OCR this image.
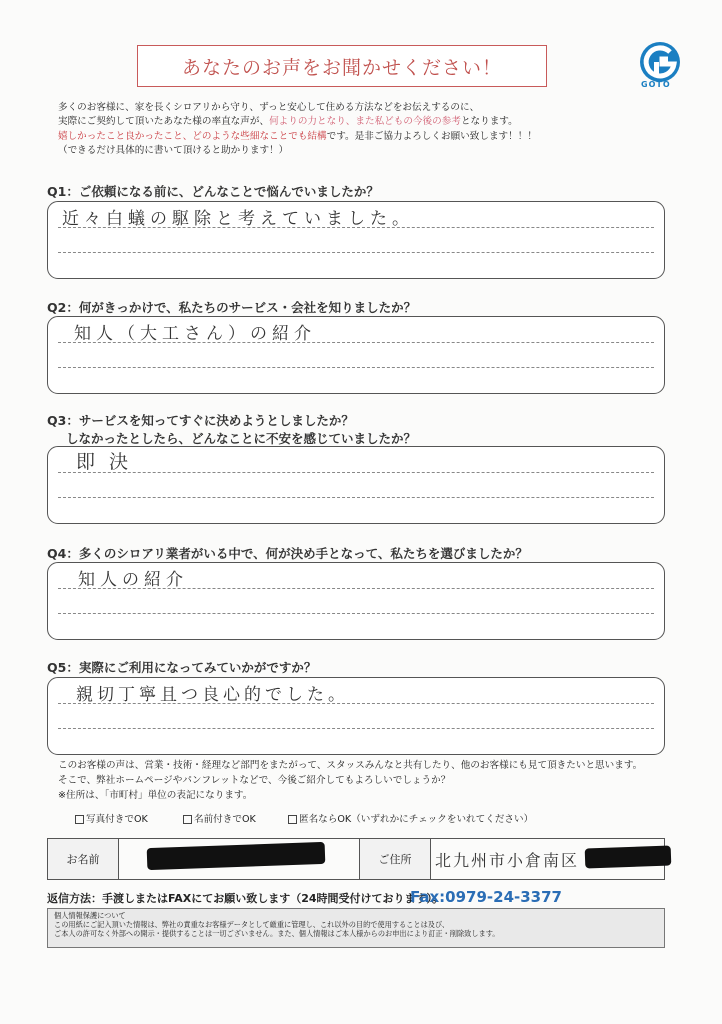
あなたのお声をお聞かせください！
GOTO
多くのお客様に、家を長くシロアリから守り、ずっと安心して住める方法などをお伝えするのに、
実際にご契約して頂いたあなた様の率直な声が、何よりの力となり、また私どもの今後の参考となります。
嬉しかったこと良かったこと、どのような些細なことでも結構です。是非ご協力よろしくお願い致します！！！
（できるだけ具体的に書いて頂けると助かります！）
Q1：ご依頼になる前に、どんなことで悩んでいましたか？
近々白蟻の駆除と考えていました。
Q2：何がきっかけで、私たちのサービス・会社を知りましたか？
知人（大工さん）の紹介
Q3：サービスを知ってすぐに決めようとしましたか？
しなかったとしたら、どんなことに不安を感じていましたか？
即決
Q4：多くのシロアリ業者がいる中で、何が決め手となって、私たちを選びましたか？
知人の紹介
Q5：実際にご利用になってみていかがですか？
親切丁寧且つ良心的でした。
このお客様の声は、営業・技術・経理など部門をまたがって、スタッスみんなと共有したり、他のお客様にも見て頂きたいと思います。
そこで、弊社ホームページやパンフレットなどで、今後ご紹介してもよろしいでしょうか？
※住所は、「市町村」単位の表記になります。
写真付きでOK	名前付きでOK	匿名ならOK（いずれかにチェックをいれてください）
お名前	ご住所 北九州市小倉南区
返信方法：手渡しまたはFAXにてお願い致します（24時間受付けております）。
Fax:0979-24-3377
個人情報保護について
この用紙にご記入頂いた情報は、弊社の責重なお客様データとして厳重に管理し、これ以外の目的で使用することは及び、
ご本人の許可なく外部への開示・提供することは一切ございません。また、個人情報はご本人様からのお申出により訂正・削除致します。
